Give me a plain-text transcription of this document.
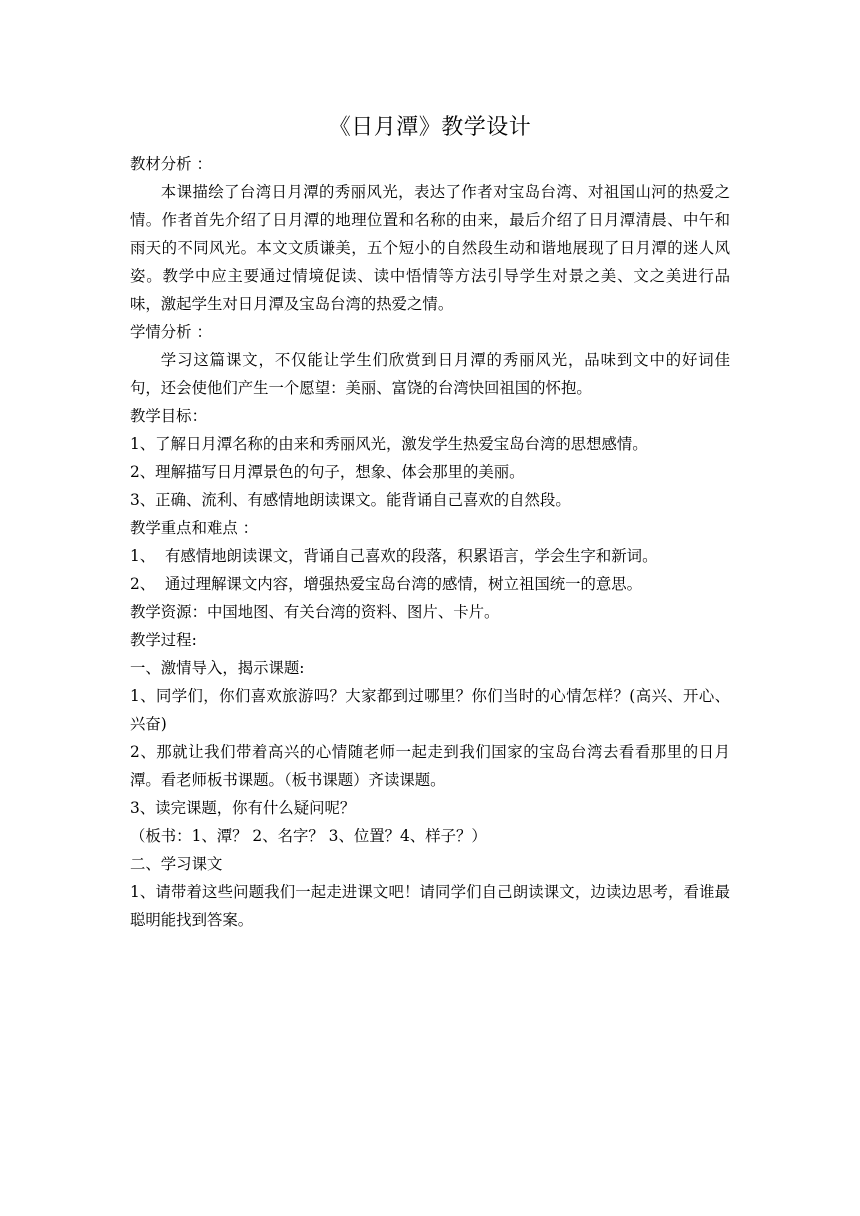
《日月潭》教学设计

教材分析 ：

本课描绘了台湾日月潭的秀丽风光，表达了作者对宝岛台湾、对祖国山河的热爱之情。作者首先介绍了日月潭的地理位置和名称的由来，最后介绍了日月潭清晨、中午和雨天的不同风光。本文文质谦美，五个短小的自然段生动和谐地展现了日月潭的迷人风姿。教学中应主要通过情境促读、读中悟情等方法引导学生对景之美、文之美进行品味，激起学生对日月潭及宝岛台湾的热爱之情。

学情分析 ：

学习这篇课文，不仅能让学生们欣赏到日月潭的秀丽风光，品味到文中的好词佳句，还会使他们产生一个愿望：美丽、富饶的台湾快回祖国的怀抱。

教学目标：

1、了解日月潭名称的由来和秀丽风光，激发学生热爱宝岛台湾的思想感情。

2、理解描写日月潭景色的句子，想象、体会那里的美丽。

3、正确、流利、有感情地朗读课文。能背诵自己喜欢的自然段。

教学重点和难点 ：

1、  有感情地朗读课文，背诵自己喜欢的段落，积累语言，学会生字和新词。

2、  通过理解课文内容，增强热爱宝岛台湾的感情，树立祖国统一的意思。

教学资源：中国地图、有关台湾的资料、图片、卡片。

教学过程:

一、激情导入，揭示课题:

1、同学们，你们喜欢旅游吗？大家都到过哪里？你们当时的心情怎样？(高兴、开心、兴奋)

2、那就让我们带着高兴的心情随老师一起走到我们国家的宝岛台湾去看看那里的日月潭。看老师板书课题。（板书课题）齐读课题。

3、读完课题，你有什么疑问呢？

（板书：1、潭？ 2、名字？ 3、位置？4、样子？）

二、学习课文

1、请带着这些问题我们一起走进课文吧！请同学们自己朗读课文，边读边思考，看谁最聪明能找到答案。
